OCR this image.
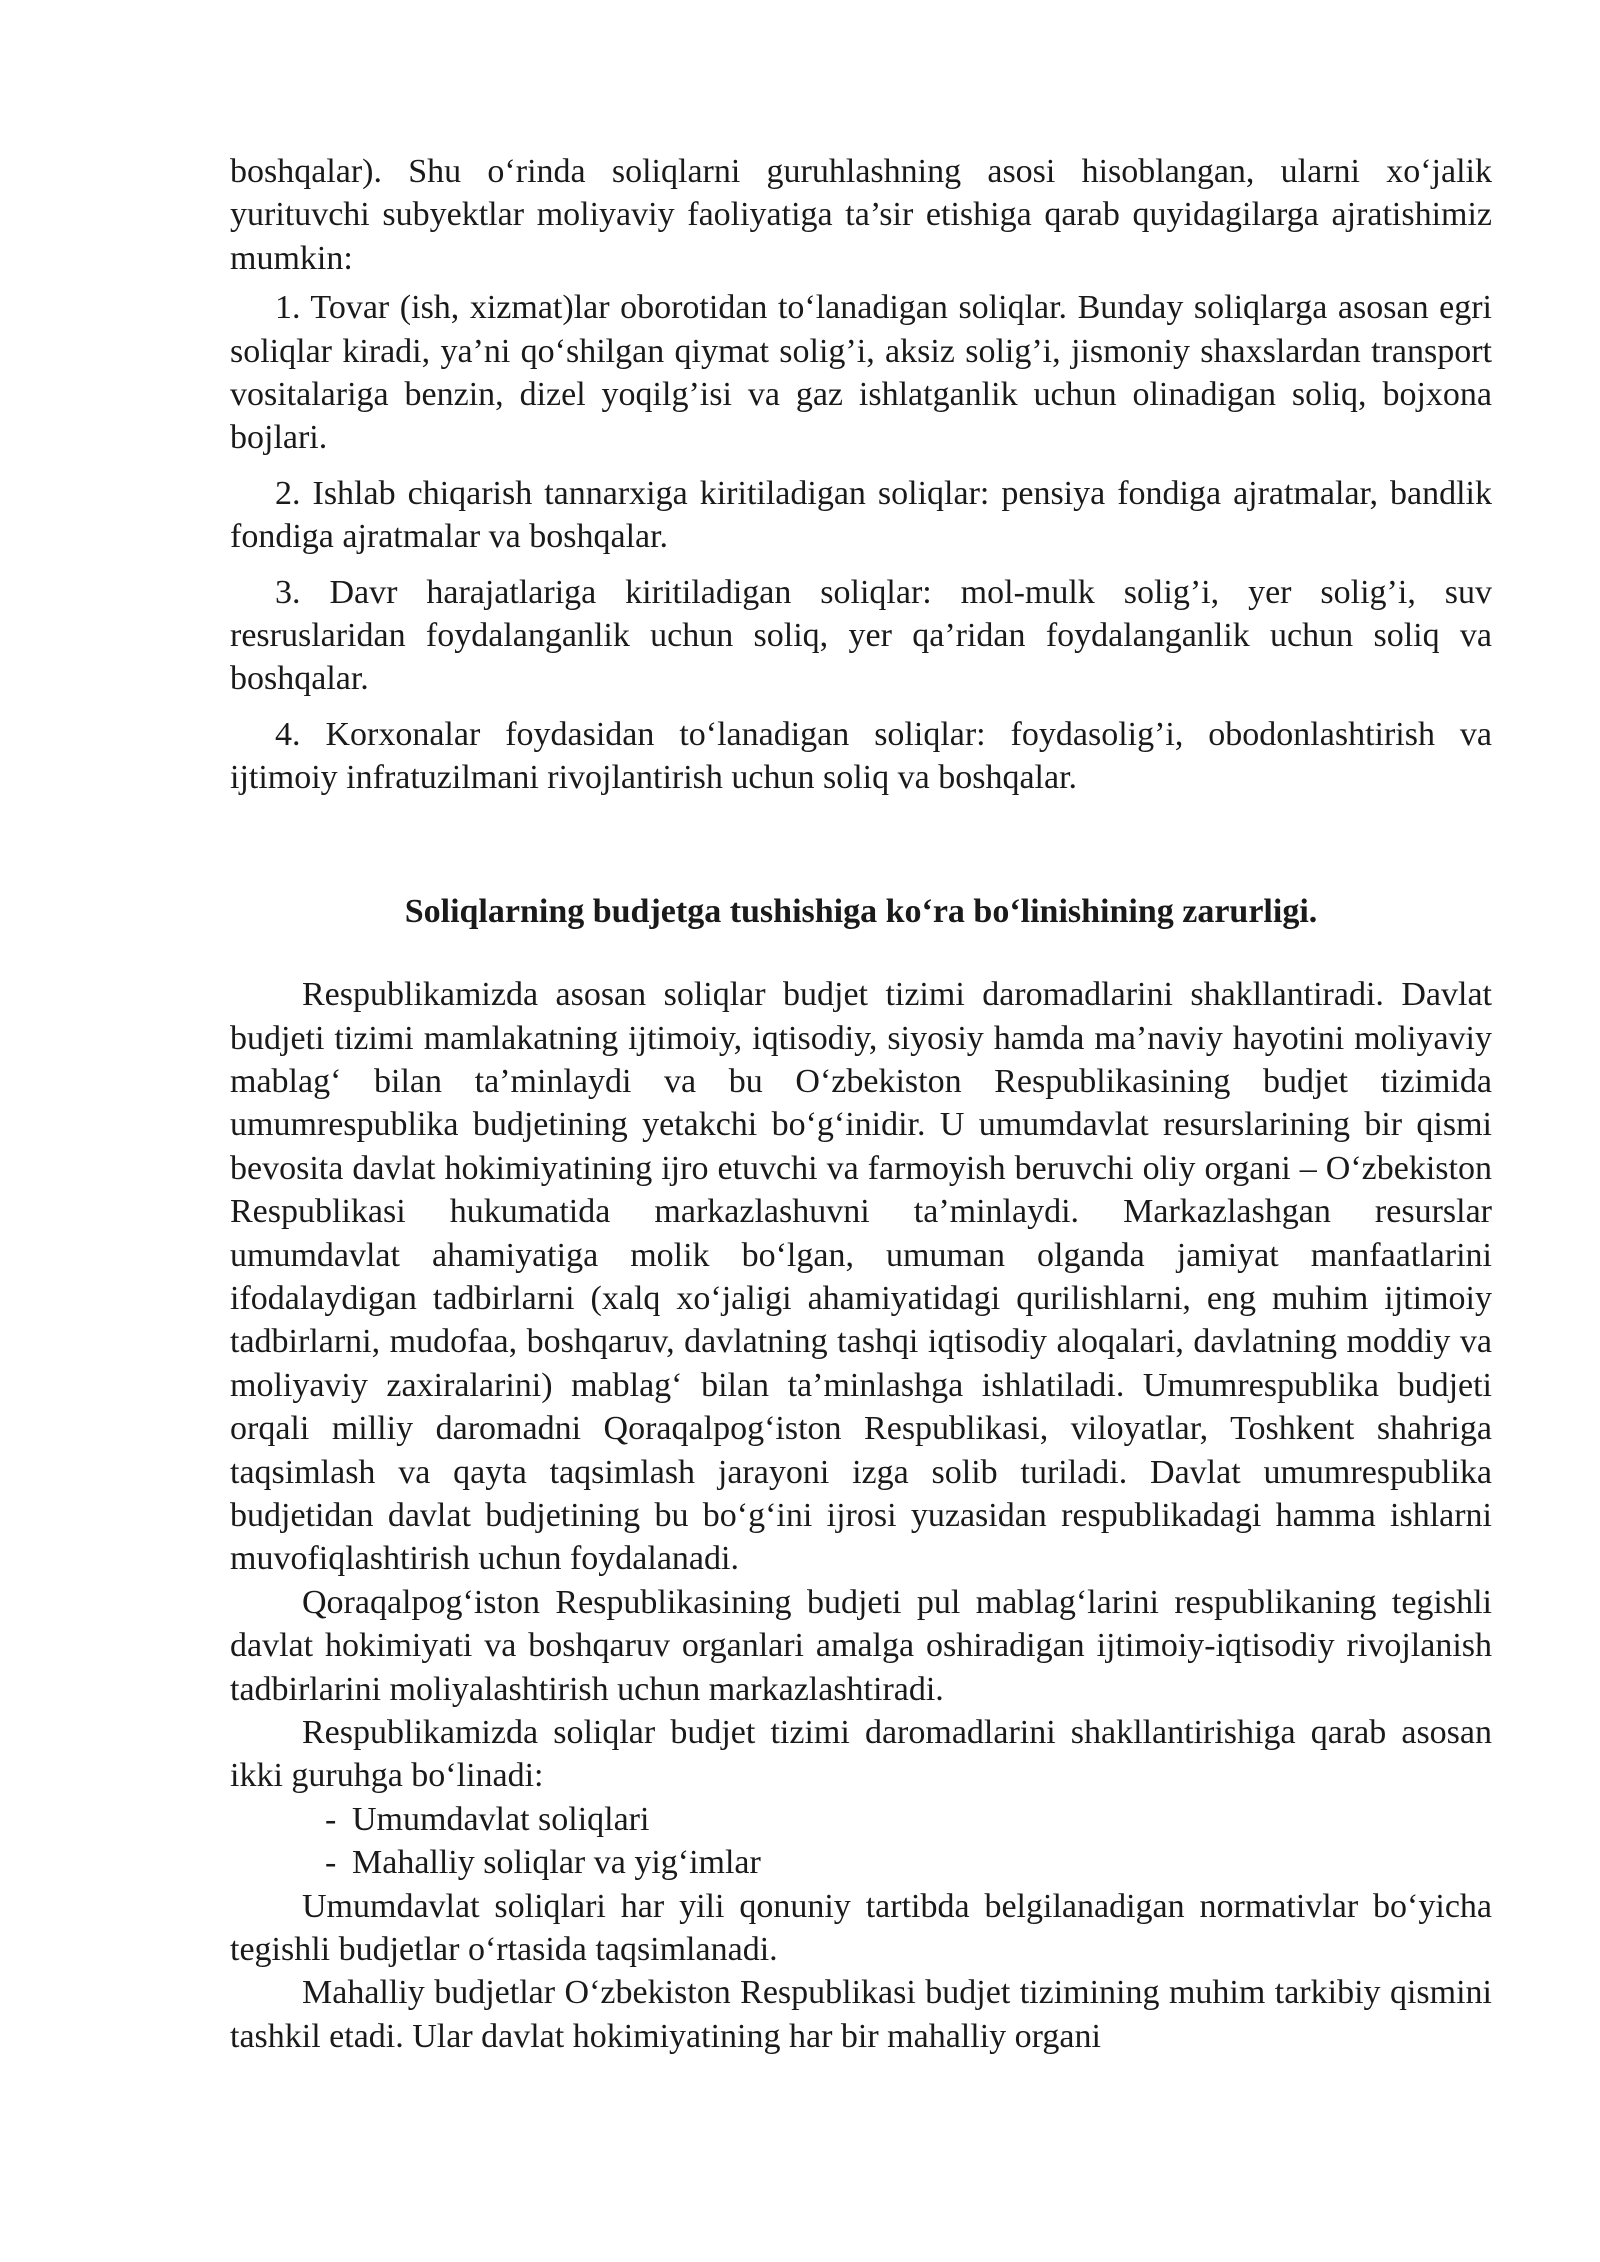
boshqalar). Shu o‘rinda soliqlarni guruhlashning asosi hisoblangan, ularni xo‘jalik yurituvchi subyektlar moliyaviy faoliyatiga ta’sir etishiga qarab quyidagilarga ajratishimiz mumkin:

1. Tovar (ish, xizmat)lar oborotidan to‘lanadigan soliqlar. Bunday soliqlarga asosan egri soliqlar kiradi, ya’ni qo‘shilgan qiymat solig’i, aksiz solig’i, jismoniy shaxslardan transport vositalariga benzin, dizel yoqilg’isi va gaz ishlatganlik uchun olinadigan soliq, bojxona bojlari.

2. Ishlab chiqarish tannarxiga kiritiladigan soliqlar: pensiya fondiga ajratmalar, bandlik fondiga ajratmalar va boshqalar.

3. Davr harajatlariga kiritiladigan soliqlar: mol-mulk solig’i, yer solig’i, suv resruslaridan foydalanganlik uchun soliq, yer qa’ridan foydalanganlik uchun soliq va boshqalar.

4. Korxonalar foydasidan to‘lanadigan soliqlar: foydasolig’i, obodonlashtirish va ijtimoiy infratuzilmani rivojlantirish uchun soliq va boshqalar.

Soliqlarning budjetga tushishiga ko‘ra bo‘linishining zarurligi.

Respublikamizda asosan soliqlar budjet tizimi daromadlarini shakllantiradi. Davlat budjeti tizimi mamlakatning ijtimoiy, iqtisodiy, siyosiy hamda ma’naviy hayotini moliyaviy mablag‘ bilan ta’minlaydi va bu O‘zbekiston Respublikasining budjet tizimida umumrespublika budjetining yetakchi bo‘g‘inidir. U umumdavlat resurslarining bir qismi bevosita davlat hokimiyatining ijro etuvchi va farmoyish beruvchi oliy organi – O‘zbekiston Respublikasi hukumatida markazlashuvni ta’minlaydi. Markazlashgan resurslar umumdavlat ahamiyatiga molik bo‘lgan, umuman olganda jamiyat manfaatlarini ifodalaydigan tadbirlarni (xalq xo‘jaligi ahamiyatidagi qurilishlarni, eng muhim ijtimoiy tadbirlarni, mudofaa, boshqaruv, davlatning tashqi iqtisodiy aloqalari, davlatning moddiy va moliyaviy zaxiralarini) mablag‘ bilan ta’minlashga ishlatiladi. Umumrespublika budjeti orqali milliy daromadni Qoraqalpog‘iston Respublikasi, viloyatlar, Toshkent shahriga taqsimlash va qayta taqsimlash jarayoni izga solib turiladi. Davlat umumrespublika budjetidan davlat budjetining bu bo‘g‘ini ijrosi yuzasidan respublikadagi hamma ishlarni muvofiqlashtirish uchun foydalanadi.

Qoraqalpog‘iston Respublikasining budjeti pul mablag‘larini respublikaning tegishli davlat hokimiyati va boshqaruv organlari amalga oshiradigan ijtimoiy-iqtisodiy rivojlanish tadbirlarini moliyalashtirish uchun markazlashtiradi.

Respublikamizda soliqlar budjet tizimi daromadlarini shakllantirishiga qarab asosan ikki guruhga bo‘linadi:

- Umumdavlat soliqlari
- Mahalliy soliqlar va yig‘imlar

Umumdavlat soliqlari har yili qonuniy tartibda belgilanadigan normativlar bo‘yicha tegishli budjetlar o‘rtasida taqsimlanadi.

Mahalliy budjetlar O‘zbekiston Respublikasi budjet tizimining muhim tarkibiy qismini tashkil etadi. Ular davlat hokimiyatining har bir mahalliy organi
